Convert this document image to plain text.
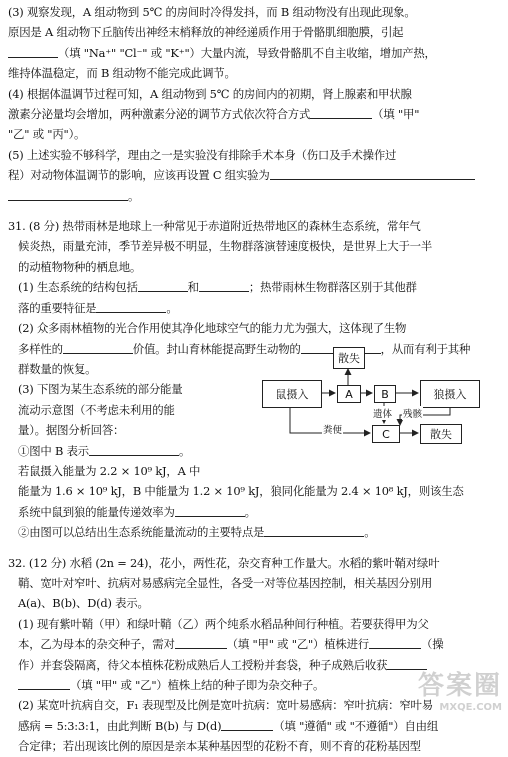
(3) 观察发现，A 组动物到 5℃ 的房间时冷得发抖，而 B 组动物没有出现此现象。

原因是 A 组动物下丘脑传出神经末梢释放的神经递质作用于骨骼肌细胞膜，引起

（填 "Na⁺" "Cl⁻" 或 "K⁺"）大量内流，导致骨骼肌不自主收缩，增加产热，

维持体温稳定，而 B 组动物不能完成此调节。

(4) 根据体温调节过程可知，A 组动物到 5℃ 的房间内的初期，肾上腺素和甲状腺

激素分泌量均会增加，两种激素分泌的调节方式依次符合方式	（填 "甲"

"乙" 或 "丙"）。

(5) 上述实验不够科学，理由之一是实验没有排除手术本身（伤口及手术操作过

程）对动物体温调节的影响，应该再设置 C 组实验为

。

31. (8 分) 热带雨林是地球上一种常见于赤道附近热带地区的森林生态系统，常年气

候炎热，雨量充沛，季节差异极不明显，生物群落演替速度极快，是世界上大于一半

的动植物物种的栖息地。

(1) 生态系统的结构包括	和	；热带雨林生物群落区别于其他群

落的重要特征是	。

(2) 众多雨林植物的光合作用使其净化地球空气的能力尤为强大，这体现了生物

多样性的	价值。封山育林能提高野生动物的	，从而有利于其种

群数量的恢复。

(3) 下图为某生态系统的部分能量

流动示意图（不考虑未利用的能

量）。据图分析回答：

①图中 B 表示	。

若鼠摄入能量为 2.2 × 10⁹ kJ，A 中

能量为 1.6 × 10⁹ kJ，B 中能量为 1.2 × 10⁹ kJ，狼同化能量为 2.4 × 10⁸ kJ，则该生态

系统中鼠到狼的能量传递效率为	。

②由图可以总结出生态系统能量流动的主要特点是	。

32. (12 分) 水稻 (2n = 24)，花小，两性花，杂交育种工作量大。水稻的紫叶鞘对绿叶

鞘、宽叶对窄叶、抗病对易感病完全显性，各受一对等位基因控制，相关基因分别用

A(a)、B(b)、D(d) 表示。

(1) 现有紫叶鞘（甲）和绿叶鞘（乙）两个纯系水稻品种间行种植。若要获得甲为父

本，乙为母本的杂交种子，需对	（填 "甲" 或 "乙"）植株进行	（操

作）并套袋隔离，待父本植株花粉成熟后人工授粉并套袋，种子成熟后收获

（填 "甲" 或 "乙"）植株上结的种子即为杂交种子。

(2) 某宽叶抗病自交，F₁ 表现型及比例是宽叶抗病：宽叶易感病：窄叶抗病：窄叶易

感病 = 5:3:3:1，由此判断 B(b) 与 D(d)	（填 "遵循" 或 "不遵循"）自由组

合定律；若出现该比例的原因是亲本某种基因型的花粉不育，则不育的花粉基因型

散失
鼠摄入	A	B	狼摄入
C	散失
遗体 残骸
粪便
答案圈
MXQE.COM
